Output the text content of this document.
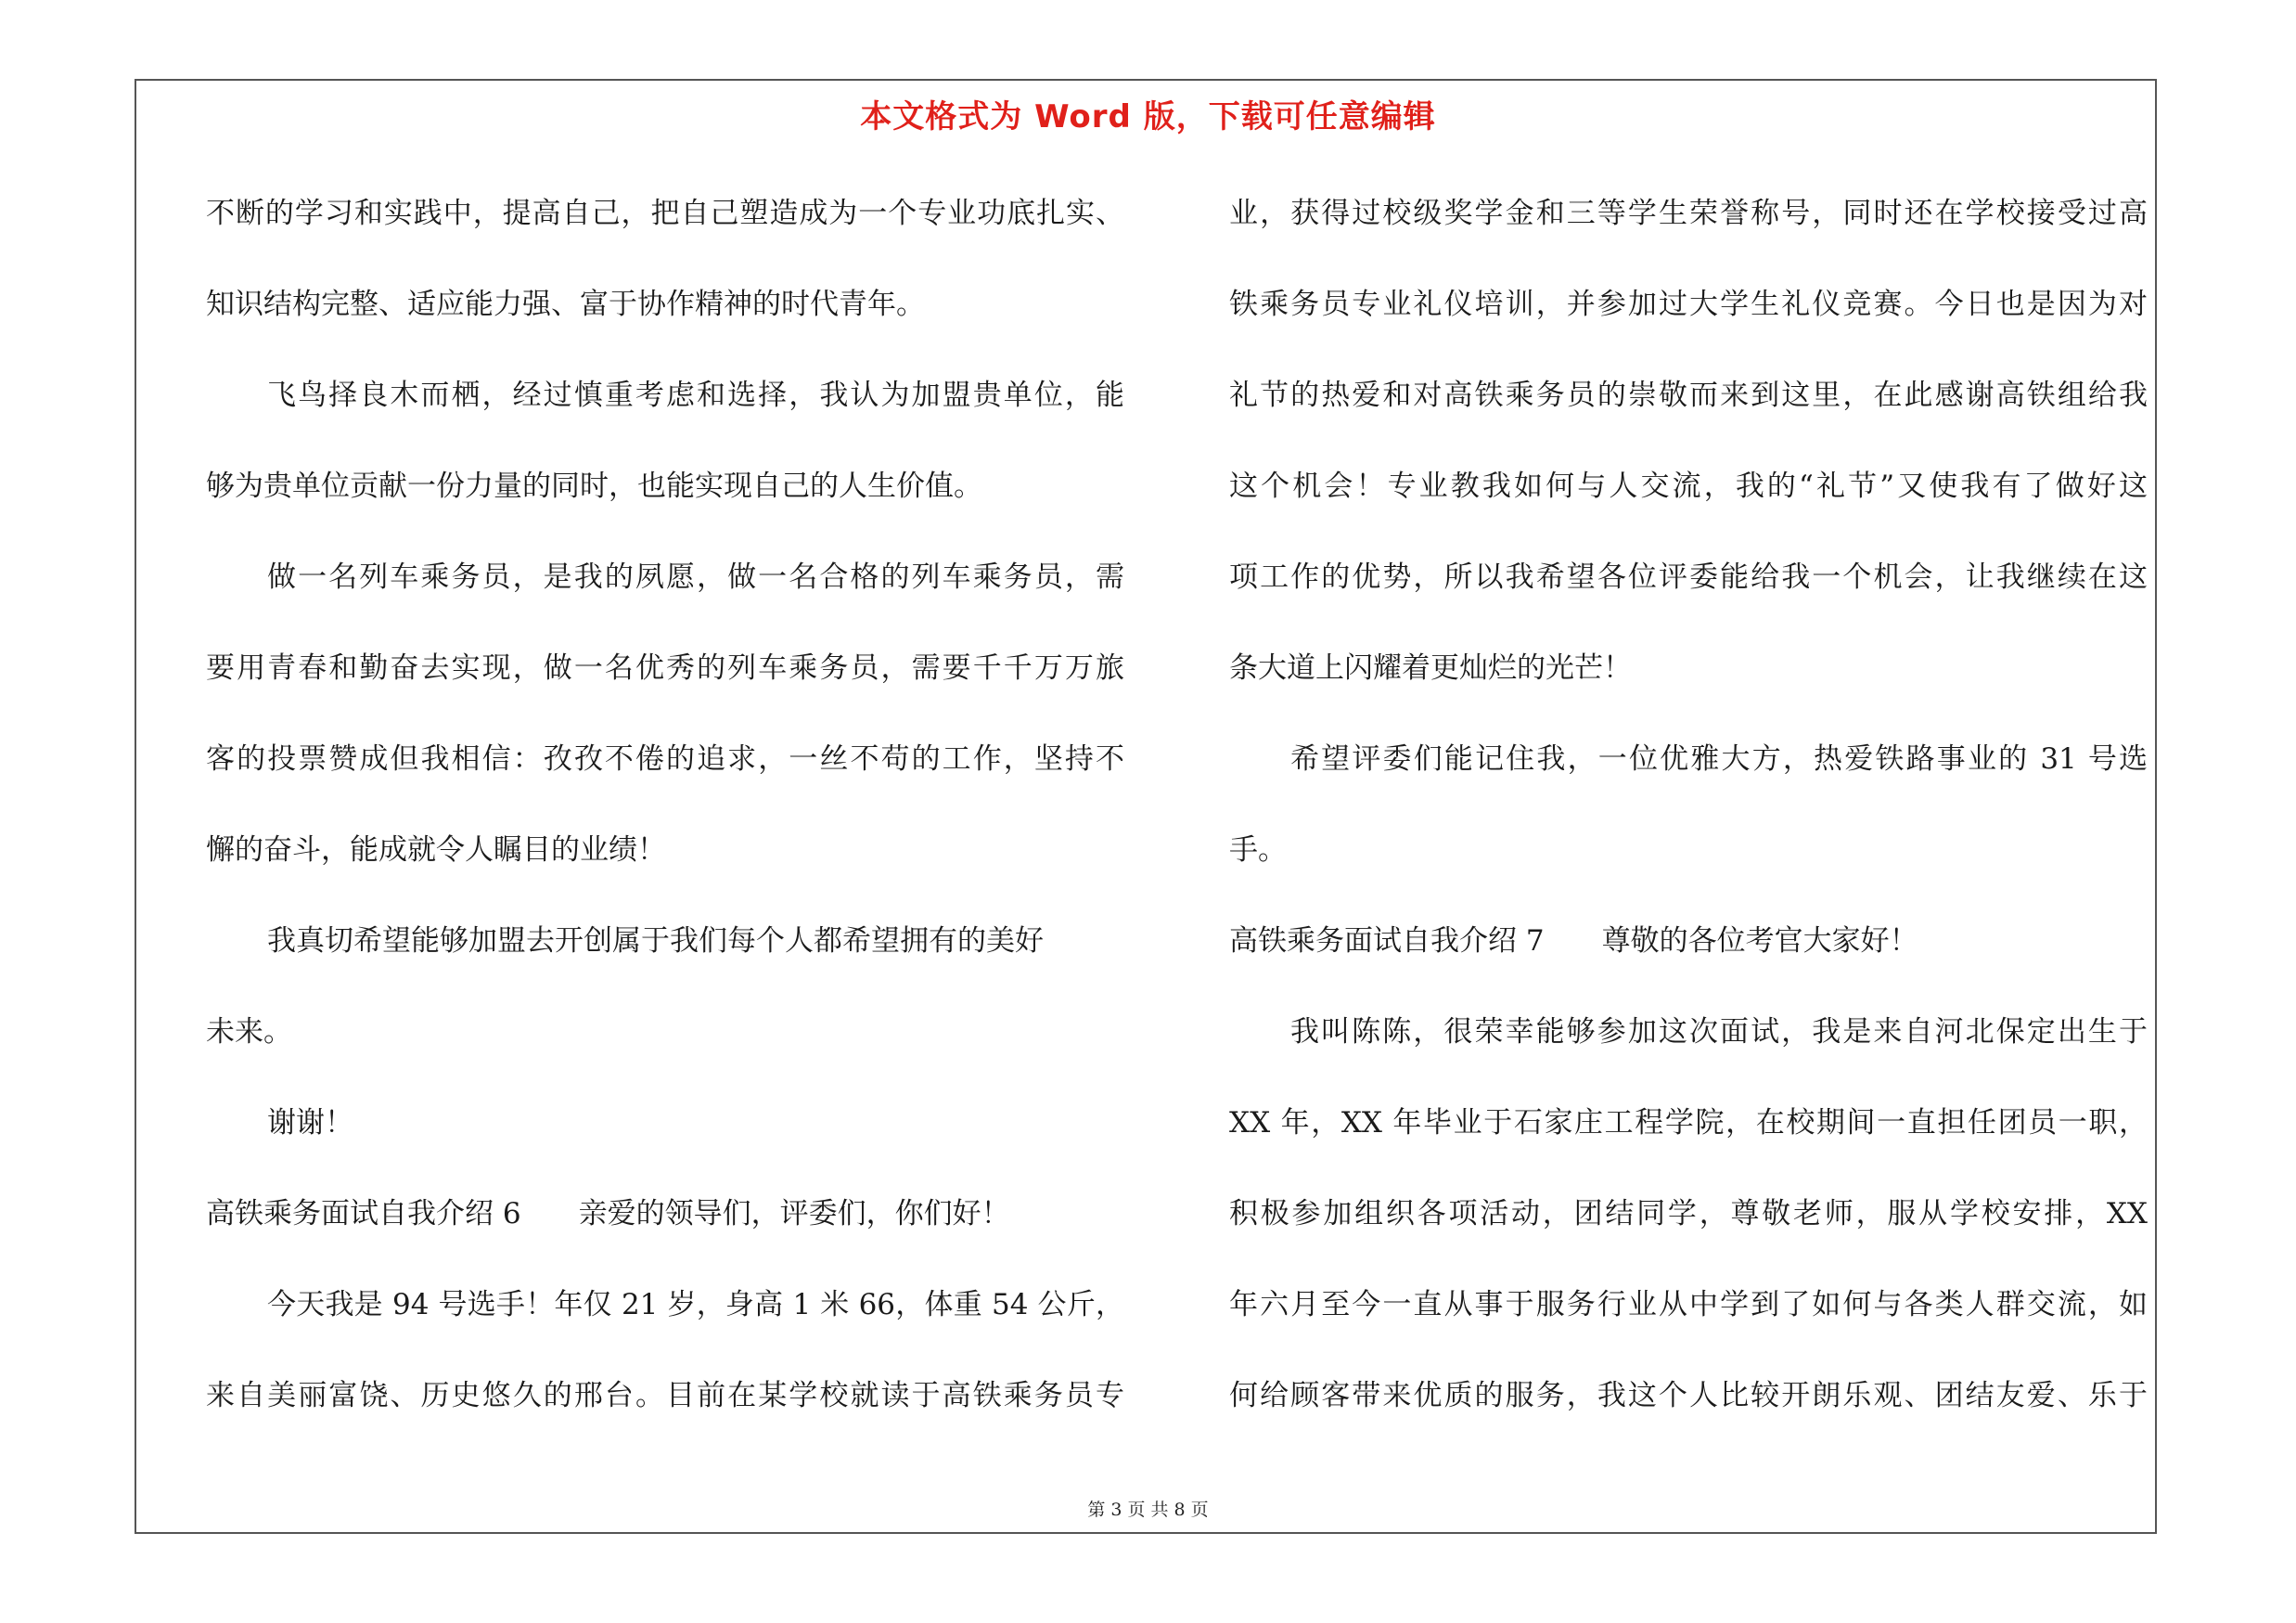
本文格式为 Word 版，下载可任意编辑
不断的学习和实践中，提高自己，把自己塑造成为一个专业功底扎实、
知识结构完整、适应能力强、富于协作精神的时代青年。
飞鸟择良木而栖，经过慎重考虑和选择，我认为加盟贵单位，能
够为贵单位贡献一份力量的同时，也能实现自己的人生价值。
做一名列车乘务员，是我的夙愿，做一名合格的列车乘务员，需
要用青春和勤奋去实现，做一名优秀的列车乘务员，需要千千万万旅
客的投票赞成但我相信：孜孜不倦的追求，一丝不苟的工作，坚持不
懈的奋斗，能成就令人瞩目的业绩！
我真切希望能够加盟去开创属于我们每个人都希望拥有的美好
未来。
谢谢！
高铁乘务面试自我介绍 6　　亲爱的领导们，评委们，你们好！
今天我是 94 号选手！年仅 21 岁，身高 1 米 66，体重 54 公斤，
来自美丽富饶、历史悠久的邢台。目前在某学校就读于高铁乘务员专
业，获得过校级奖学金和三等学生荣誉称号，同时还在学校接受过高
铁乘务员专业礼仪培训，并参加过大学生礼仪竞赛。今日也是因为对
礼节的热爱和对高铁乘务员的崇敬而来到这里，在此感谢高铁组给我
这个机会！专业教我如何与人交流，我的“礼节”又使我有了做好这
项工作的优势，所以我希望各位评委能给我一个机会，让我继续在这
条大道上闪耀着更灿烂的光芒！
希望评委们能记住我，一位优雅大方，热爱铁路事业的 31 号选
手。
高铁乘务面试自我介绍 7　　尊敬的各位考官大家好！
我叫陈陈，很荣幸能够参加这次面试，我是来自河北保定出生于
XX 年，XX 年毕业于石家庄工程学院，在校期间一直担任团员一职，
积极参加组织各项活动，团结同学，尊敬老师，服从学校安排，XX
年六月至今一直从事于服务行业从中学到了如何与各类人群交流，如
何给顾客带来优质的服务，我这个人比较开朗乐观、团结友爱、乐于
第 3 页 共 8 页
